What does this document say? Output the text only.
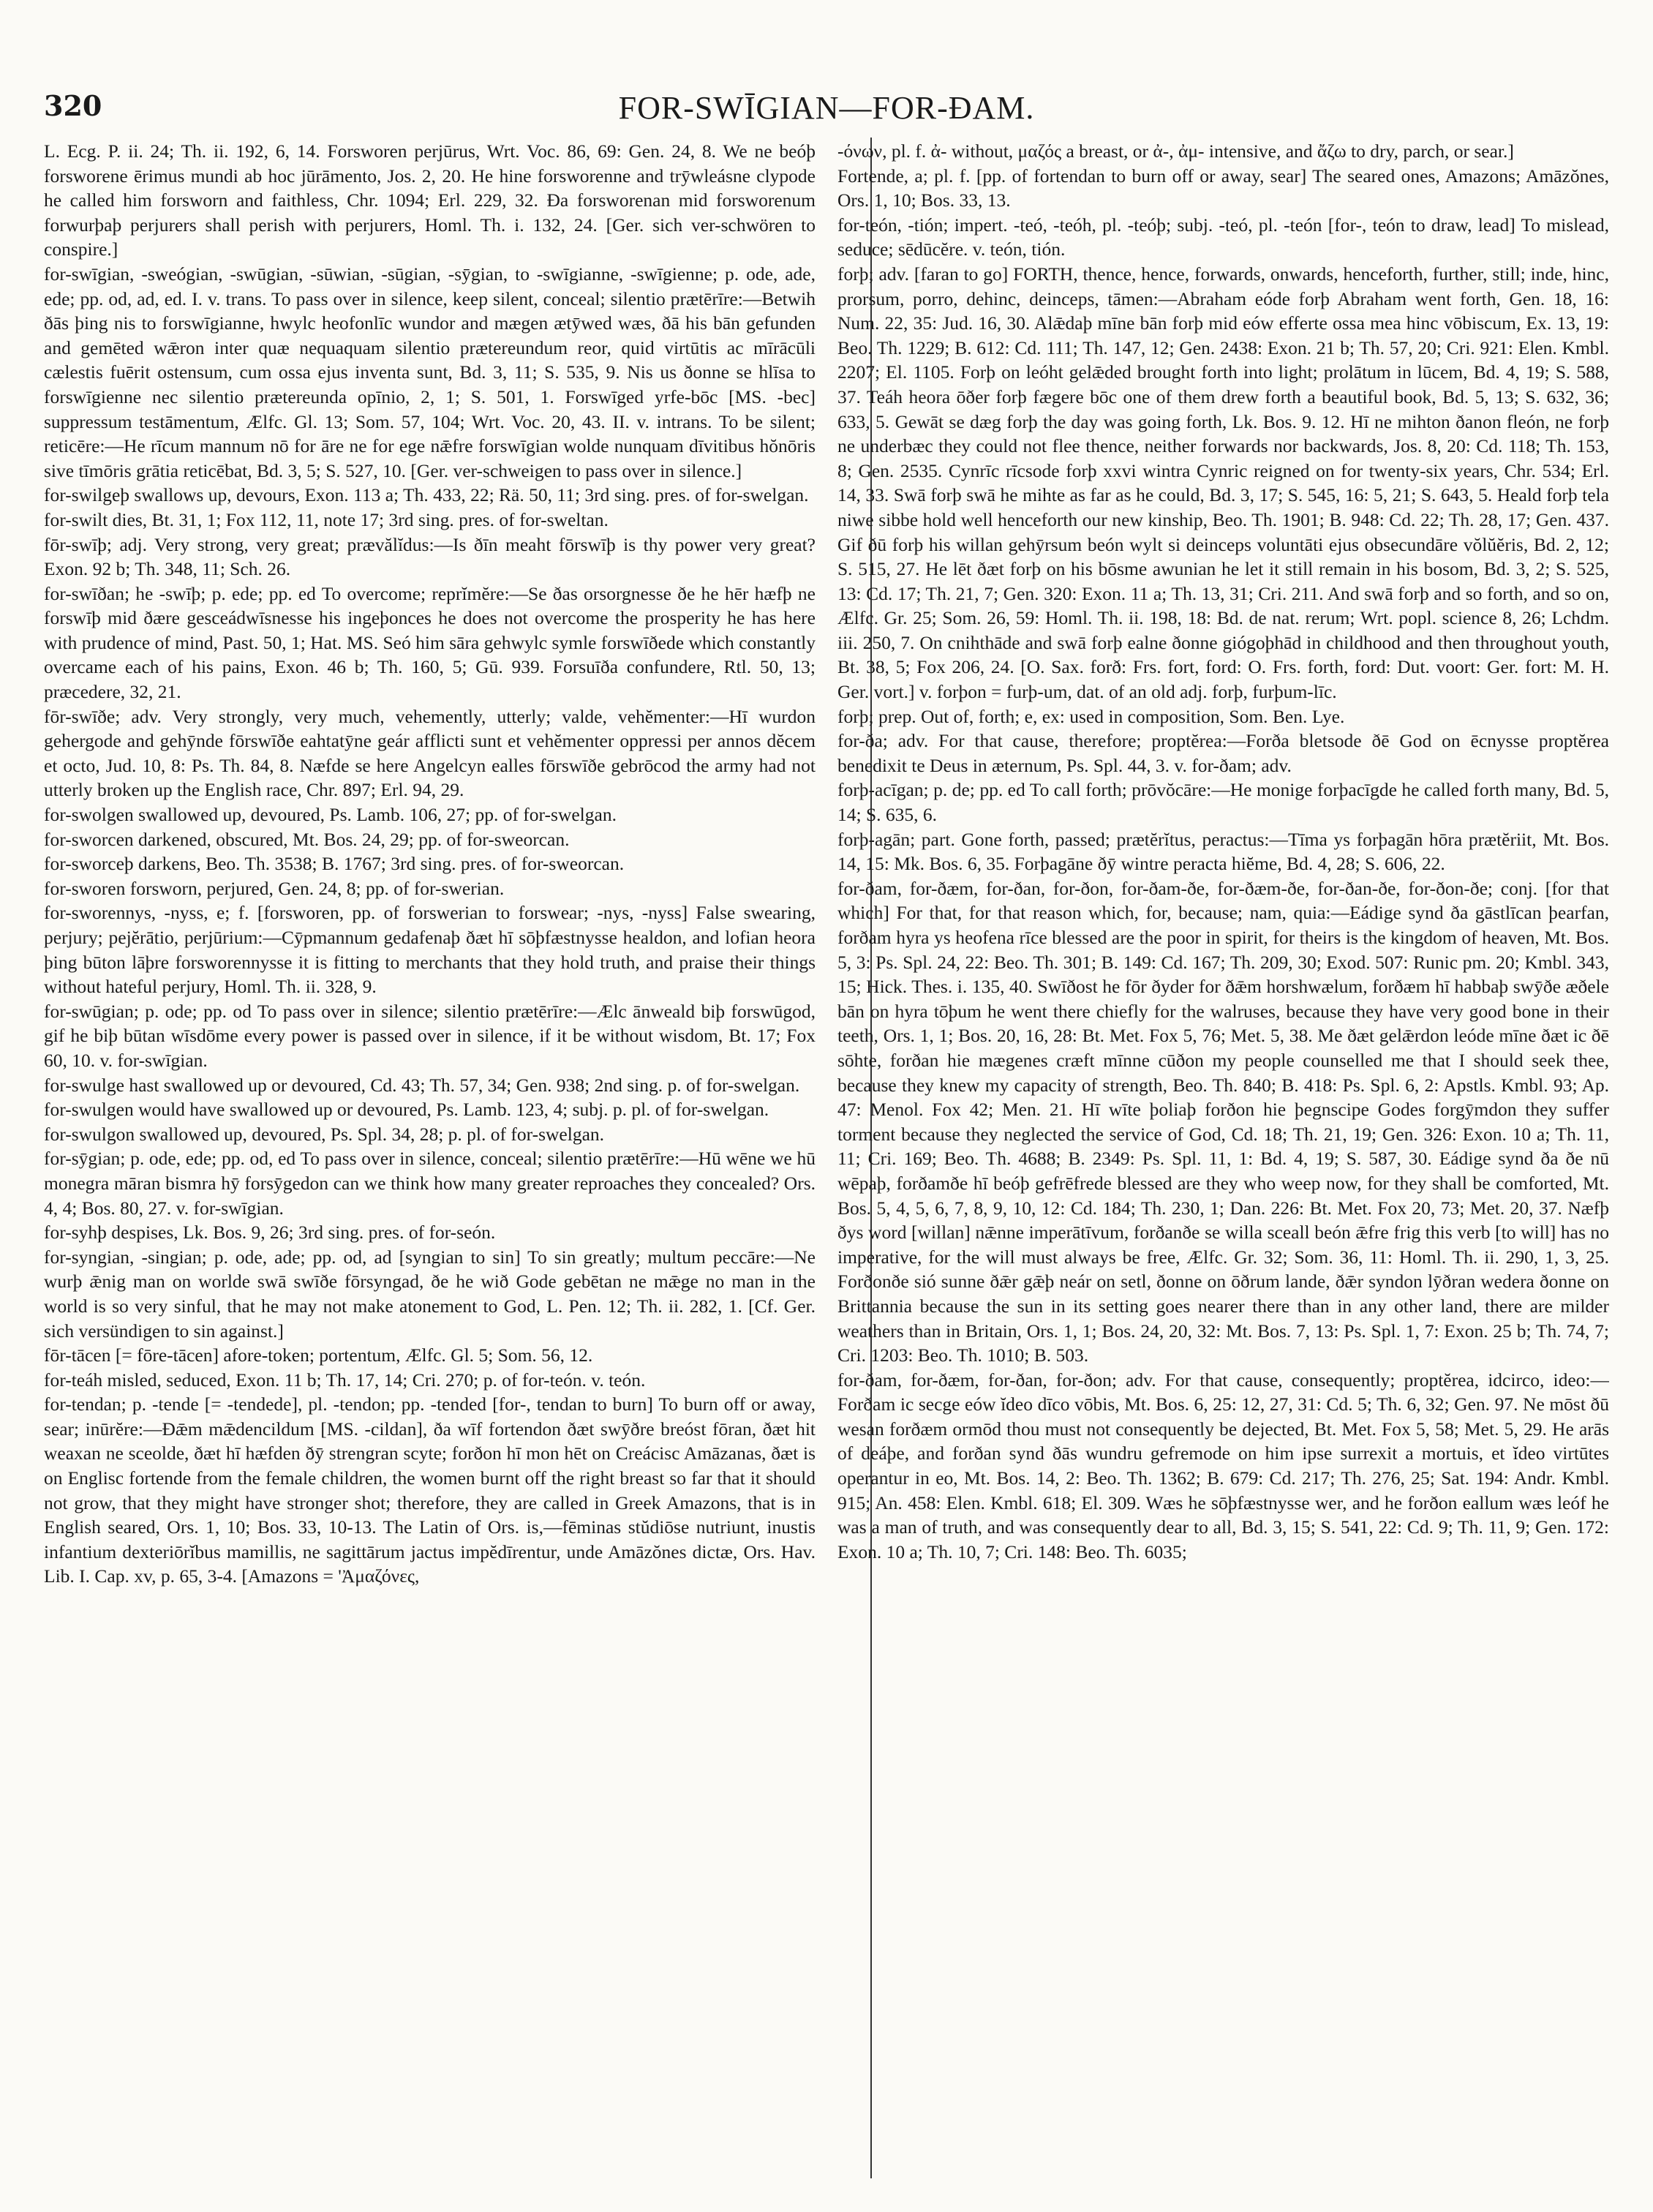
320	FOR-SWĪGIAN—FOR-ÐAM.
L. Ecg. P. ii. 24; Th. ii. 192, 6, 14. Forsworen perjūrus, Wrt. Voc. 86, 69: Gen. 24, 8. We ne beóþ forsworene ērimus mundi ab hoc jūrāmento, Jos. 2, 20. He hine forsworenne and trȳwleásne clypode he called him forsworn and faithless, Chr. 1094; Erl. 229, 32. Ða forsworenan mid forsworenum forwurþaþ perjurers shall perish with perjurers, Homl. Th. i. 132, 24. [Ger. sich ver-schwören to conspire.]
for-swīgian, -sweógian, -swūgian, -sūwian, -sūgian, -sȳgian, to -swīgianne, -swīgienne; p. ode, ade, ede; pp. od, ad, ed. I. v. trans. To pass over in silence, keep silent, conceal; silentio prætērīre:—Betwih ðās þing nis to forswīgianne, hwylc heofonlīc wundor and mægen ætȳwed wæs, ðā his bān gefunden and gemēted wǣron inter quæ nequaquam silentio prætereundum reor, quid virtūtis ac mīrācūli cælestis fuērit ostensum, cum ossa ejus inventa sunt, Bd. 3, 11; S. 535, 9. Nis us ðonne se hlīsa to forswīgienne nec silentio prætereunda opīnio, 2, 1; S. 501, 1. Forswīged yrfe-bōc [MS. -bec] suppressum testāmentum, Ælfc. Gl. 13; Som. 57, 104; Wrt. Voc. 20, 43. II. v. intrans. To be silent; reticēre:—He rīcum mannum nō for āre ne for ege nǣfre forswīgian wolde nunquam dīvitibus hŏnōris sive tīmōris grātia reticēbat, Bd. 3, 5; S. 527, 10. [Ger. ver-schweigen to pass over in silence.]
for-swilgeþ swallows up, devours, Exon. 113 a; Th. 433, 22; Rä. 50, 11; 3rd sing. pres. of for-swelgan.
for-swilt dies, Bt. 31, 1; Fox 112, 11, note 17; 3rd sing. pres. of for-sweltan.
fōr-swīþ; adj. Very strong, very great; prævălĭdus:—Is ðīn meaht fōrswīþ is thy power very great? Exon. 92 b; Th. 348, 11; Sch. 26.
for-swīðan; he -swīþ; p. ede; pp. ed To overcome; reprĭmĕre:—Se ðas orsorgnesse ðe he hēr hæfþ ne forswīþ mid ðære gesceádwīsnesse his ingeþonces he does not overcome the prosperity he has here with prudence of mind, Past. 50, 1; Hat. MS. Seó him sāra gehwylc symle forswīðede which constantly overcame each of his pains, Exon. 46 b; Th. 160, 5; Gū. 939. Forsuīða confundere, Rtl. 50, 13; præcedere, 32, 21.
fōr-swīðe; adv. Very strongly, very much, vehemently, utterly; valde, vehĕmenter:—Hī wurdon gehergode and gehȳnde fōrswīðe eahtatȳne geár afflicti sunt et vehĕmenter oppressi per annos dĕcem et octo, Jud. 10, 8: Ps. Th. 84, 8. Næfde se here Angelcyn ealles fōrswīðe gebrōcod the army had not utterly broken up the English race, Chr. 897; Erl. 94, 29.
for-swolgen swallowed up, devoured, Ps. Lamb. 106, 27; pp. of for-swelgan.
for-sworcen darkened, obscured, Mt. Bos. 24, 29; pp. of for-sweorcan.
for-sworceþ darkens, Beo. Th. 3538; B. 1767; 3rd sing. pres. of for-sweorcan.
for-sworen forsworn, perjured, Gen. 24, 8; pp. of for-swerian.
for-sworennys, -nyss, e; f. [forsworen, pp. of forswerian to forswear; -nys, -nyss] False swearing, perjury; pejĕrātio, perjūrium:—Cȳpmannum gedafenaþ ðæt hī sōþfæstnysse healdon, and lofian heora þing būton lāþre forsworennysse it is fitting to merchants that they hold truth, and praise their things without hateful perjury, Homl. Th. ii. 328, 9.
for-swūgian; p. ode; pp. od To pass over in silence; silentio prætērīre:—Ælc ānweald biþ forswūgod, gif he biþ būtan wīsdōme every power is passed over in silence, if it be without wisdom, Bt. 17; Fox 60, 10. v. for-swīgian.
for-swulge hast swallowed up or devoured, Cd. 43; Th. 57, 34; Gen. 938; 2nd sing. p. of for-swelgan.
for-swulgen would have swallowed up or devoured, Ps. Lamb. 123, 4; subj. p. pl. of for-swelgan.
for-swulgon swallowed up, devoured, Ps. Spl. 34, 28; p. pl. of for-swelgan.
for-sȳgian; p. ode, ede; pp. od, ed To pass over in silence, conceal; silentio prætērīre:—Hū wēne we hū monegra māran bismra hȳ forsȳgedon can we think how many greater reproaches they concealed? Ors. 4, 4; Bos. 80, 27. v. for-swīgian.
for-syhþ despises, Lk. Bos. 9, 26; 3rd sing. pres. of for-seón.
for-syngian, -singian; p. ode, ade; pp. od, ad [syngian to sin] To sin greatly; multum peccāre:—Ne wurþ ǣnig man on worlde swā swīðe fōrsyngad, ðe he wið Gode gebētan ne mǣge no man in the world is so very sinful, that he may not make atonement to God, L. Pen. 12; Th. ii. 282, 1. [Cf. Ger. sich versündigen to sin against.]
fōr-tācen [= fōre-tācen] afore-token; portentum, Ælfc. Gl. 5; Som. 56, 12.
for-teáh misled, seduced, Exon. 11 b; Th. 17, 14; Cri. 270; p. of for-teón. v. teón.
for-tendan; p. -tende [= -tendede], pl. -tendon; pp. -tended [for-, tendan to burn] To burn off or away, sear; inūrĕre:—Ðǣm mǣdencildum [MS. -cildan], ða wīf fortendon ðæt swȳðre breóst fōran, ðæt hit weaxan ne sceolde, ðæt hī hæfden ðȳ strengran scyte; forðon hī mon hēt on Creácisc Amāzanas, ðæt is on Englisc fortende from the female children, the women burnt off the right breast so far that it should not grow, that they might have stronger shot; therefore, they are called in Greek Amazons, that is in English seared, Ors. 1, 10; Bos. 33, 10-13. The Latin of Ors. is,—fēminas stŭdiōse nutriunt, inustis infantium dexteriōrĭbus mamillis, ne sagittārum jactus impĕdīrentur, unde Amāzŏnes dictæ, Ors. Hav. Lib. I. Cap. xv, p. 65, 3-4. [Amazons = 'Ἀμαζόνες,
-όνων, pl. f. ἀ- without, μαζός a breast, or ἀ-, ἀμ- intensive, and ἄζω to dry, parch, or sear.]
Fortende, a; pl. f. [pp. of fortendan to burn off or away, sear] The seared ones, Amazons; Amāzŏnes, Ors. 1, 10; Bos. 33, 13.
for-teón, -tión; impert. -teó, -teóh, pl. -teóþ; subj. -teó, pl. -teón [for-, teón to draw, lead] To mislead, seduce; sēdūcĕre. v. teón, tión.
forþ; adv. [faran to go] FORTH, thence, hence, forwards, onwards, henceforth, further, still; inde, hinc, prorsum, porro, dehinc, deinceps, tāmen:—Abraham eóde forþ Abraham went forth, Gen. 18, 16: Num. 22, 35: Jud. 16, 30. Alǣdaþ mīne bān forþ mid eów efferte ossa mea hinc vōbiscum, Ex. 13, 19: Beo. Th. 1229; B. 612: Cd. 111; Th. 147, 12; Gen. 2438: Exon. 21 b; Th. 57, 20; Cri. 921: Elen. Kmbl. 2207; El. 1105. Forþ on leóht gelǣded brought forth into light; prolātum in lūcem, Bd. 4, 19; S. 588, 37. Teáh heora ōðer forþ fægere bōc one of them drew forth a beautiful book, Bd. 5, 13; S. 632, 36; 633, 5. Gewāt se dæg forþ the day was going forth, Lk. Bos. 9. 12. Hī ne mihton ðanon fleón, ne forþ ne underbæc they could not flee thence, neither forwards nor backwards, Jos. 8, 20: Cd. 118; Th. 153, 8; Gen. 2535. Cynrīc rīcsode forþ xxvi wintra Cynric reigned on for twenty-six years, Chr. 534; Erl. 14, 33. Swā forþ swā he mihte as far as he could, Bd. 3, 17; S. 545, 16: 5, 21; S. 643, 5. Heald forþ tela niwe sibbe hold well henceforth our new kinship, Beo. Th. 1901; B. 948: Cd. 22; Th. 28, 17; Gen. 437. Gif ðū forþ his willan gehȳrsum beón wylt si deinceps voluntāti ejus obsecundāre vŏlŭĕris, Bd. 2, 12; S. 515, 27. He lēt ðæt forþ on his bōsme awunian he let it still remain in his bosom, Bd. 3, 2; S. 525, 13: Cd. 17; Th. 21, 7; Gen. 320: Exon. 11 a; Th. 13, 31; Cri. 211. And swā forþ and so forth, and so on, Ælfc. Gr. 25; Som. 26, 59: Homl. Th. ii. 198, 18: Bd. de nat. rerum; Wrt. popl. science 8, 26; Lchdm. iii. 250, 7. On cnihthāde and swā forþ ealne ðonne giógoþhād in childhood and then throughout youth, Bt. 38, 5; Fox 206, 24. [O. Sax. forð: Frs. fort, ford: O. Frs. forth, ford: Dut. voort: Ger. fort: M. H. Ger. vort.] v. forþon = furþ-um, dat. of an old adj. forþ, furþum-līc.
forþ; prep. Out of, forth; e, ex: used in composition, Som. Ben. Lye.
for-ða; adv. For that cause, therefore; proptĕrea:—Forða bletsode ðē God on ēcnysse proptĕrea benedixit te Deus in æternum, Ps. Spl. 44, 3. v. for-ðam; adv.
forþ-acīgan; p. de; pp. ed To call forth; prōvŏcāre:—He monige forþacīgde he called forth many, Bd. 5, 14; S. 635, 6.
forþ-agān; part. Gone forth, passed; prætĕrĭtus, peractus:—Tīma ys forþagān hōra prætĕriit, Mt. Bos. 14, 15: Mk. Bos. 6, 35. Forþagāne ðȳ wintre peracta hiĕme, Bd. 4, 28; S. 606, 22.
for-ðam, for-ðæm, for-ðan, for-ðon, for-ðam-ðe, for-ðæm-ðe, for-ðan-ðe, for-ðon-ðe; conj. [for that which] For that, for that reason which, for, because; nam, quia:—Eádige synd ða gāstlīcan þearfan, forðam hyra ys heofena rīce blessed are the poor in spirit, for theirs is the kingdom of heaven, Mt. Bos. 5, 3: Ps. Spl. 24, 22: Beo. Th. 301; B. 149: Cd. 167; Th. 209, 30; Exod. 507: Runic pm. 20; Kmbl. 343, 15; Hick. Thes. i. 135, 40. Swīðost he fōr ðyder for ðǣm horshwælum, forðæm hī habbaþ swȳðe æðele bān on hyra tōþum he went there chiefly for the walruses, because they have very good bone in their teeth, Ors. 1, 1; Bos. 20, 16, 28: Bt. Met. Fox 5, 76; Met. 5, 38. Me ðæt gelǣrdon leóde mīne ðæt ic ðē sōhte, forðan hie mægenes cræft mīnne cūðon my people counselled me that I should seek thee, because they knew my capacity of strength, Beo. Th. 840; B. 418: Ps. Spl. 6, 2: Apstls. Kmbl. 93; Ap. 47: Menol. Fox 42; Men. 21. Hī wīte þoliaþ forðon hie þegnscipe Godes forgȳmdon they suffer torment because they neglected the service of God, Cd. 18; Th. 21, 19; Gen. 326: Exon. 10 a; Th. 11, 11; Cri. 169; Beo. Th. 4688; B. 2349: Ps. Spl. 11, 1: Bd. 4, 19; S. 587, 30. Eádige synd ða ðe nū wēpaþ, forðamðe hī beóþ gefrēfrede blessed are they who weep now, for they shall be comforted, Mt. Bos. 5, 4, 5, 6, 7, 8, 9, 10, 12: Cd. 184; Th. 230, 1; Dan. 226: Bt. Met. Fox 20, 73; Met. 20, 37. Næfþ ðys word [willan] nǣnne imperātīvum, forðanðe se willa sceall beón ǣfre frig this verb [to will] has no imperative, for the will must always be free, Ælfc. Gr. 32; Som. 36, 11: Homl. Th. ii. 290, 1, 3, 25. Forðonðe sió sunne ðǣr gǣþ neár on setl, ðonne on ōðrum lande, ðǣr syndon lȳðran wedera ðonne on Brittannia because the sun in its setting goes nearer there than in any other land, there are milder weathers than in Britain, Ors. 1, 1; Bos. 24, 20, 32: Mt. Bos. 7, 13: Ps. Spl. 1, 7: Exon. 25 b; Th. 74, 7; Cri. 1203: Beo. Th. 1010; B. 503.
for-ðam, for-ðæm, for-ðan, for-ðon; adv. For that cause, consequently; proptĕrea, idcirco, ideo:—Forðam ic secge eów ĭdeo dīco vōbis, Mt. Bos. 6, 25: 12, 27, 31: Cd. 5; Th. 6, 32; Gen. 97. Ne mōst ðū wesan forðæm ormōd thou must not consequently be dejected, Bt. Met. Fox 5, 58; Met. 5, 29. He arās of deáþe, and forðan synd ðās wundru gefremode on him ipse surrexit a mortuis, et ĭdeo virtūtes operantur in eo, Mt. Bos. 14, 2: Beo. Th. 1362; B. 679: Cd. 217; Th. 276, 25; Sat. 194: Andr. Kmbl. 915; An. 458: Elen. Kmbl. 618; El. 309. Wæs he sōþfæstnysse wer, and he forðon eallum wæs leóf he was a man of truth, and was consequently dear to all, Bd. 3, 15; S. 541, 22: Cd. 9; Th. 11, 9; Gen. 172: Exon. 10 a; Th. 10, 7; Cri. 148: Beo. Th. 6035;
